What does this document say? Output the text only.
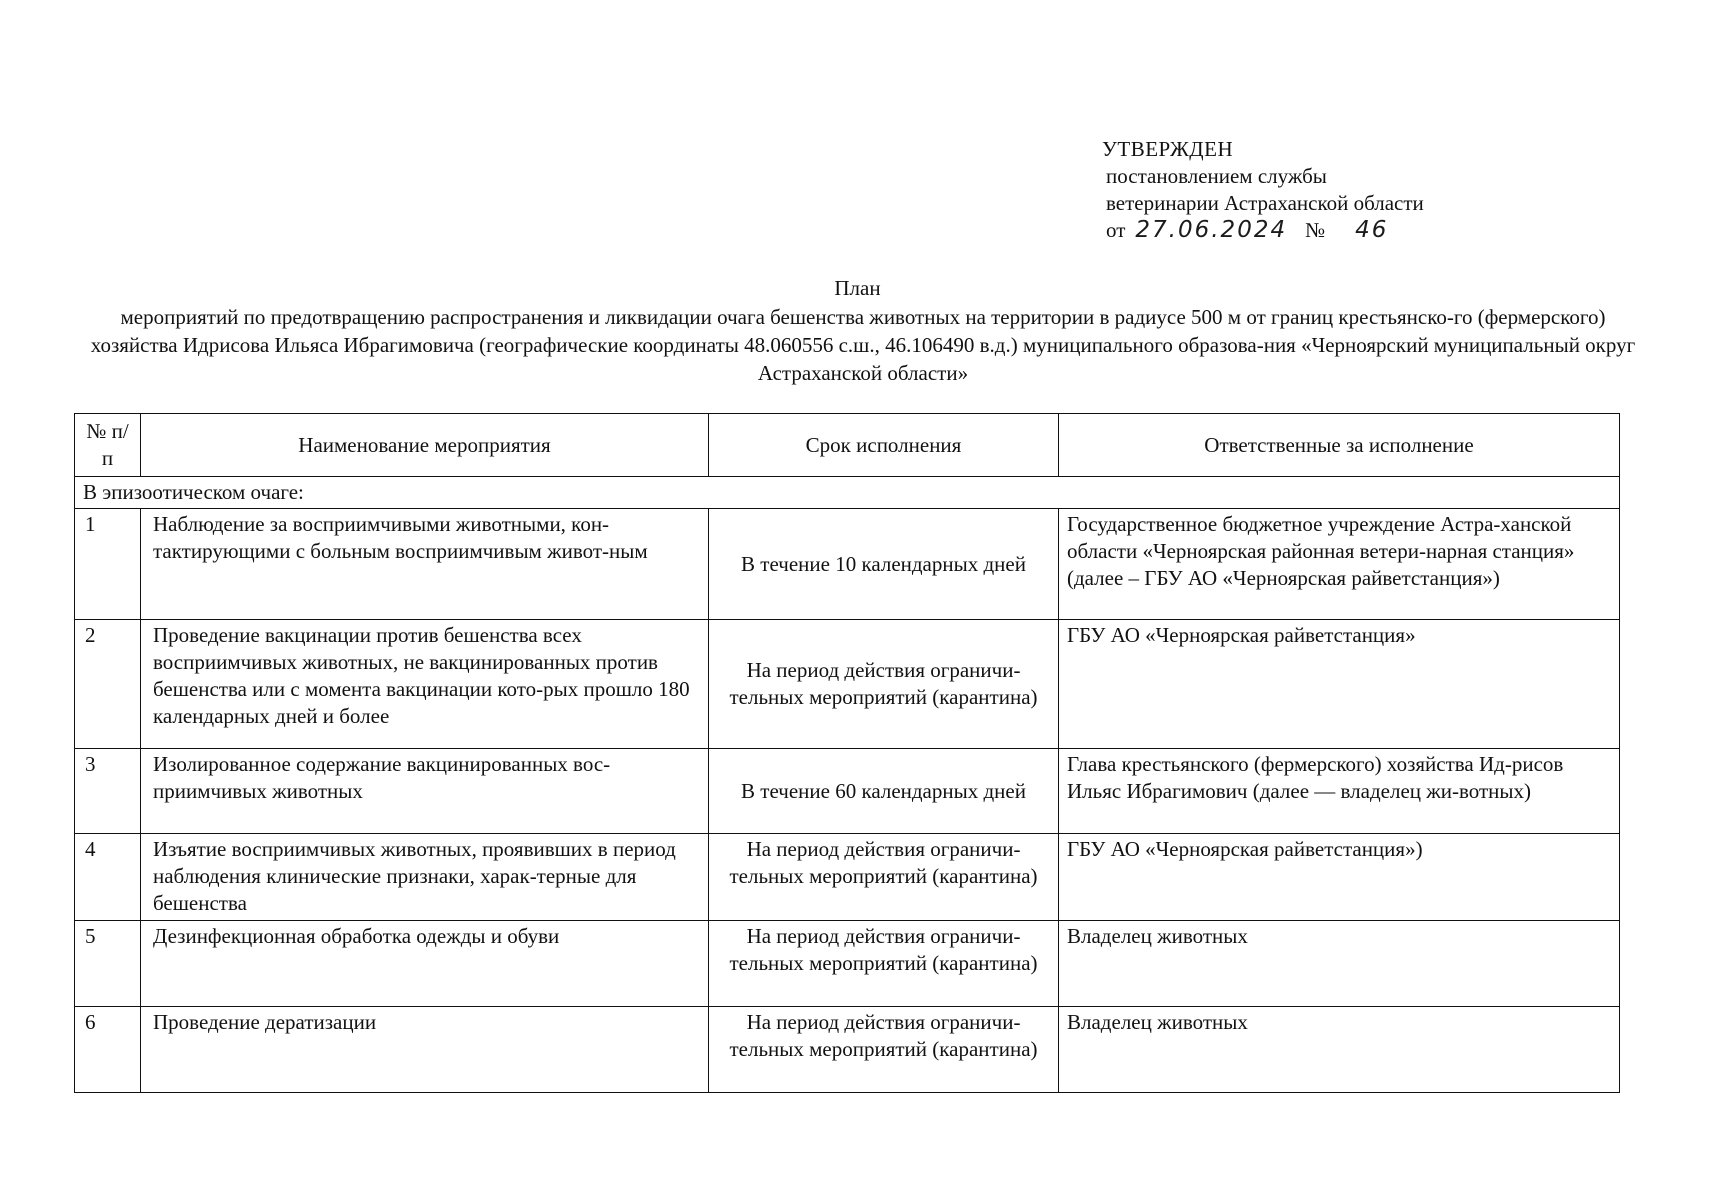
УТВЕРЖДЕН
постановлением службы
ветеринарии Астраханской области
от 27.06.2024 № 46
План
мероприятий по предотвращению распространения и ликвидации очага бешенства животных на территории в радиусе 500 м от границ крестьянско-го (фермерского) хозяйства Идрисова Ильяса Ибрагимовича (географические координаты 48.060556 с.ш., 46.106490 в.д.) муниципального образова-ния «Черноярский муниципальный округ Астраханской области»
№ п/п	Наименование мероприятия	Срок исполнения	Ответственные за исполнение
В эпизоотическом очаге:			
1	Наблюдение за восприимчивыми животными, кон-тактирующими с больным восприимчивым живот-ным	В течение 10 календарных дней	Государственное бюджетное учреждение Астра-ханской области «Черноярская районная ветери-нарная станция» (далее – ГБУ АО «Черноярская райветстанция»)
2	Проведение вакцинации против бешенства всех восприимчивых животных, не вакцинированных против бешенства или с момента вакцинации кото-рых прошло 180 календарных дней и более	На период действия ограничи-тельных мероприятий (карантина)	ГБУ АО «Черноярская райветстанция»
3	Изолированное содержание вакцинированных вос-приимчивых животных	В течение 60 календарных дней	Глава крестьянского (фермерского) хозяйства Ид-рисов Ильяс Ибрагимович (далее — владелец жи-вотных)
4	Изъятие восприимчивых животных, проявивших в период наблюдения клинические признаки, харак-терные для бешенства	На период действия ограничи-тельных мероприятий (карантина)	ГБУ АО «Черноярская райветстанция»)
5	Дезинфекционная обработка одежды и обуви	На период действия ограничи-тельных мероприятий (карантина)	Владелец животных
6	Проведение дератизации	На период действия ограничи-тельных мероприятий (карантина)	Владелец животных
